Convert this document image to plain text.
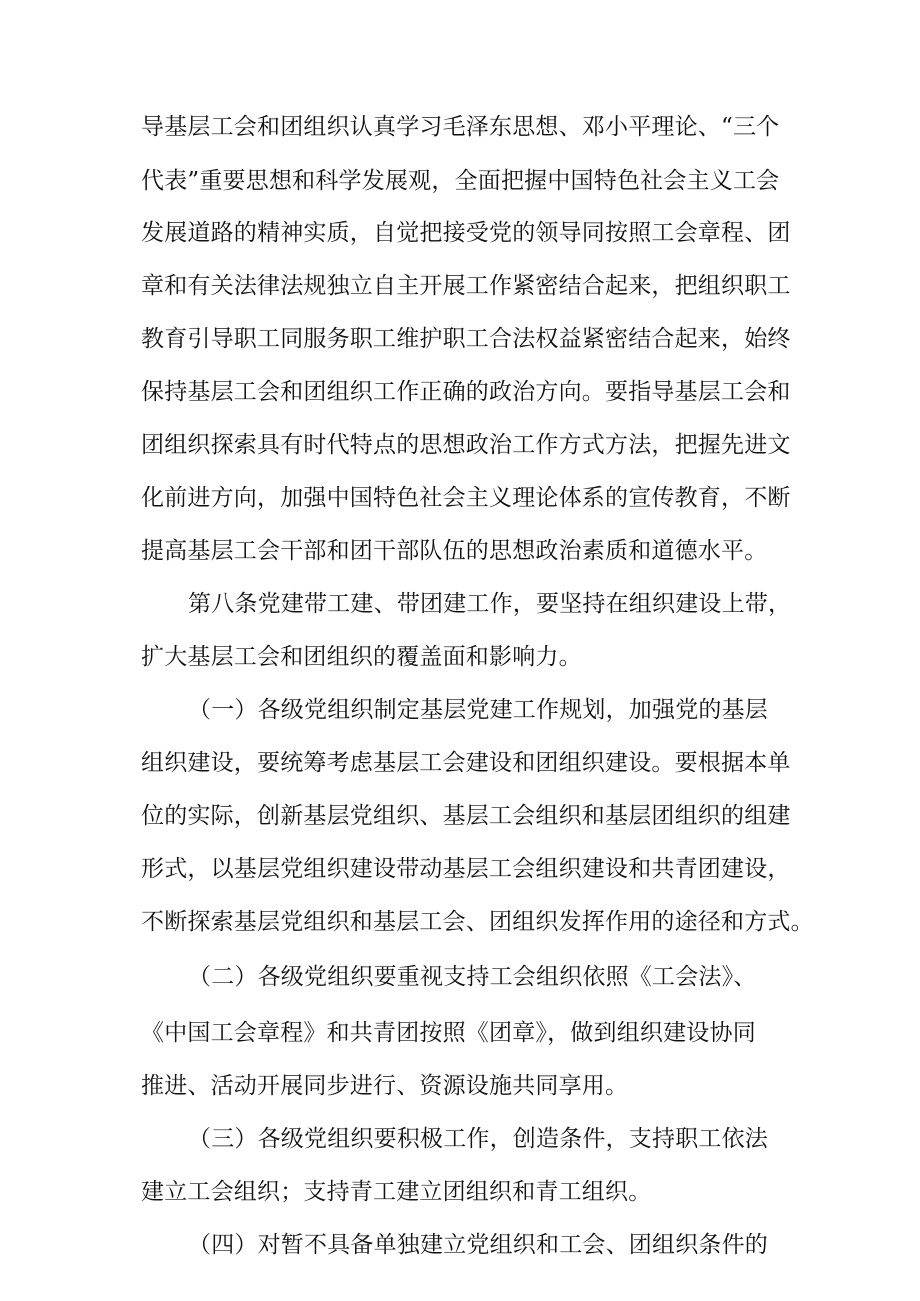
导基层工会和团组织认真学习毛泽东思想、邓小平理论、“三个
代表”重要思想和科学发展观，全面把握中国特色社会主义工会
发展道路的精神实质，自觉把接受党的领导同按照工会章程、团
章和有关法律法规独立自主开展工作紧密结合起来，把组织职工
教育引导职工同服务职工维护职工合法权益紧密结合起来，始终
保持基层工会和团组织工作正确的政治方向。要指导基层工会和
团组织探索具有时代特点的思想政治工作方式方法，把握先进文
化前进方向，加强中国特色社会主义理论体系的宣传教育，不断
提高基层工会干部和团干部队伍的思想政治素质和道德水平。
第八条党建带工建、带团建工作，要坚持在组织建设上带，
扩大基层工会和团组织的覆盖面和影响力。
（一）各级党组织制定基层党建工作规划，加强党的基层
组织建设，要统筹考虑基层工会建设和团组织建设。要根据本单
位的实际，创新基层党组织、基层工会组织和基层团组织的组建
形式，以基层党组织建设带动基层工会组织建设和共青团建设，
不断探索基层党组织和基层工会、团组织发挥作用的途径和方式。
（二）各级党组织要重视支持工会组织依照《工会法》、
《中国工会章程》和共青团按照《团章》，做到组织建设协同
推进、活动开展同步进行、资源设施共同享用。
（三）各级党组织要积极工作，创造条件，支持职工依法
建立工会组织；支持青工建立团组织和青工组织。
（四）对暂不具备单独建立党组织和工会、团组织条件的
